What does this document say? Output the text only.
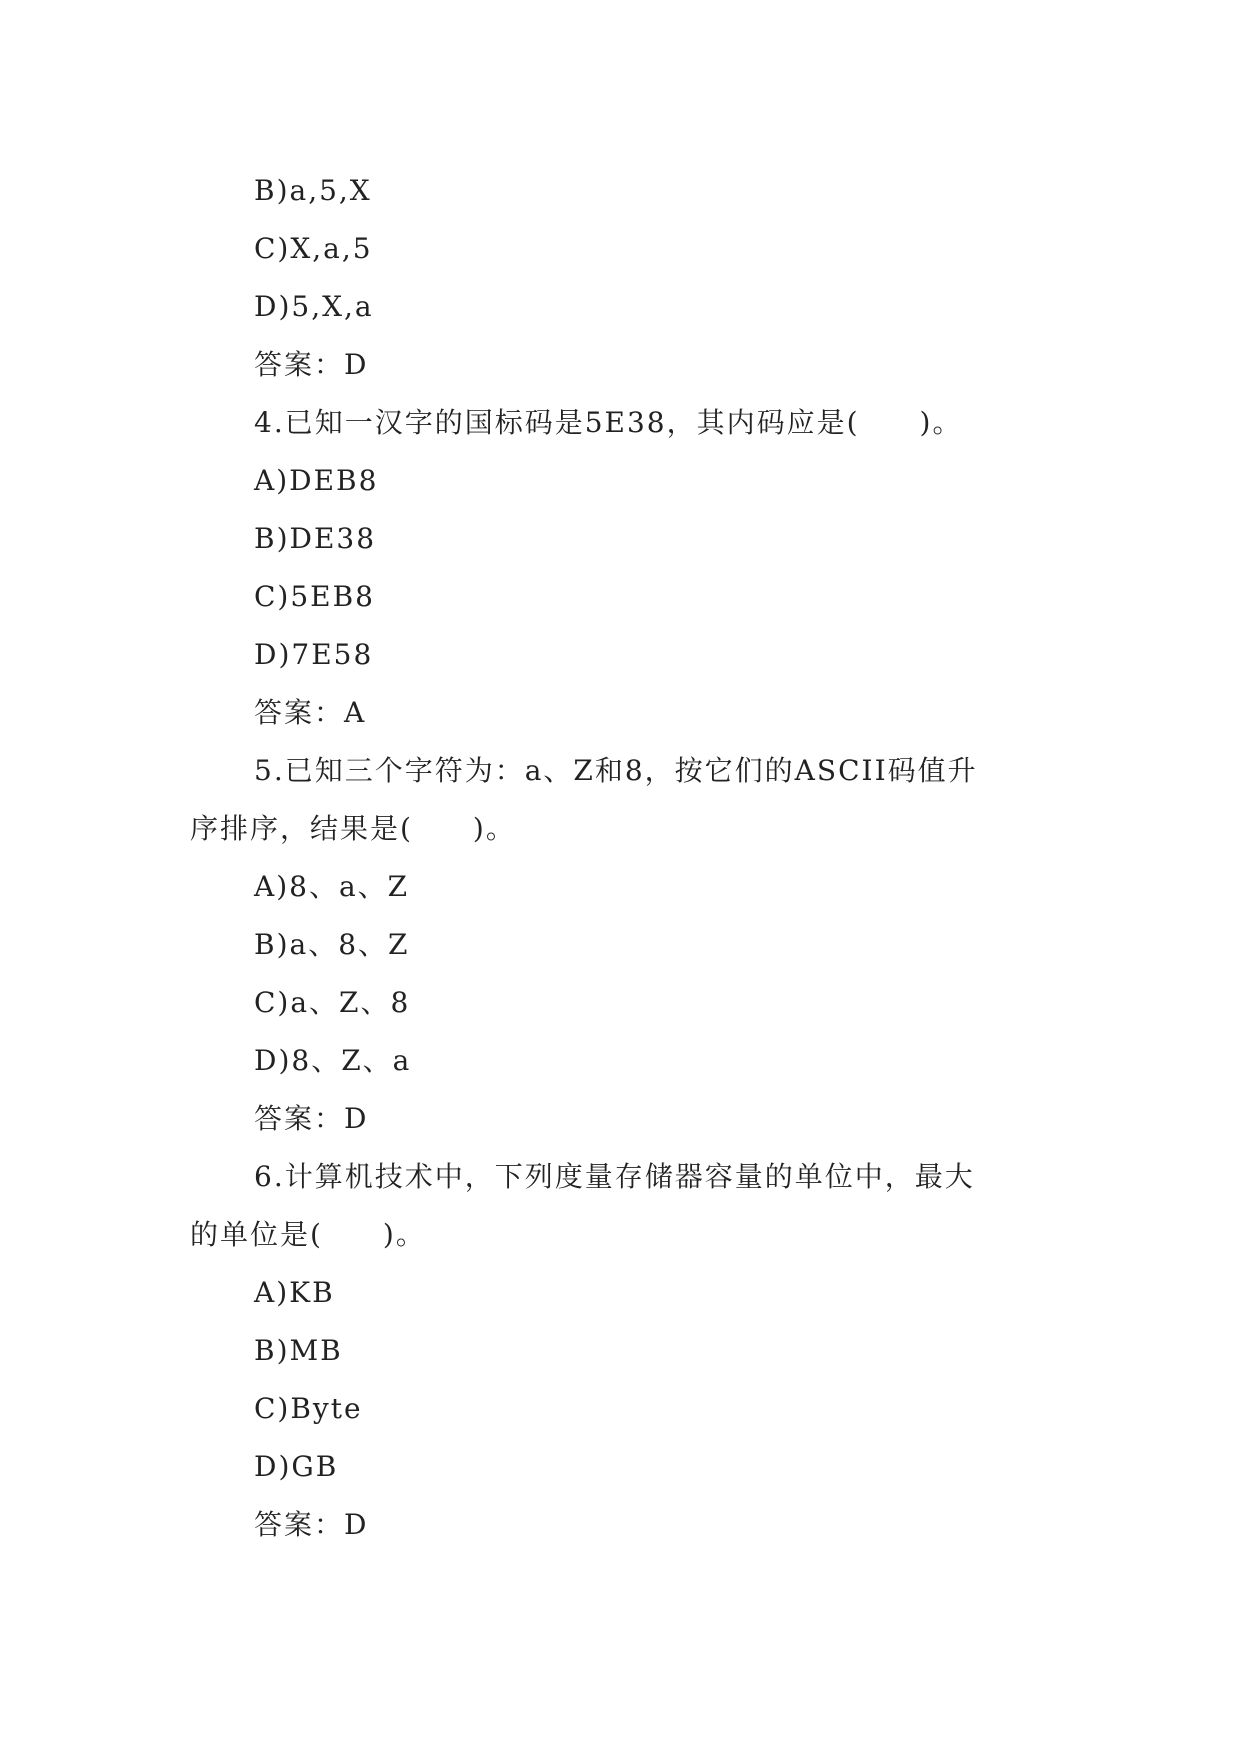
B)a,5,X
C)X,a,5
D)5,X,a
答案：D
4.已知一汉字的国标码是5E38，其内码应是(　　)。
A)DEB8
B)DE38
C)5EB8
D)7E58
答案：A
5.已知三个字符为：a、Z和8，按它们的ASCII码值升
序排序，结果是(　　)。
A)8、a、Z
B)a、8、Z
C)a、Z、8
D)8、Z、a
答案：D
6.计算机技术中，下列度量存储器容量的单位中，最大
的单位是(　　)。
A)KB
B)MB
C)Byte
D)GB
答案：D
